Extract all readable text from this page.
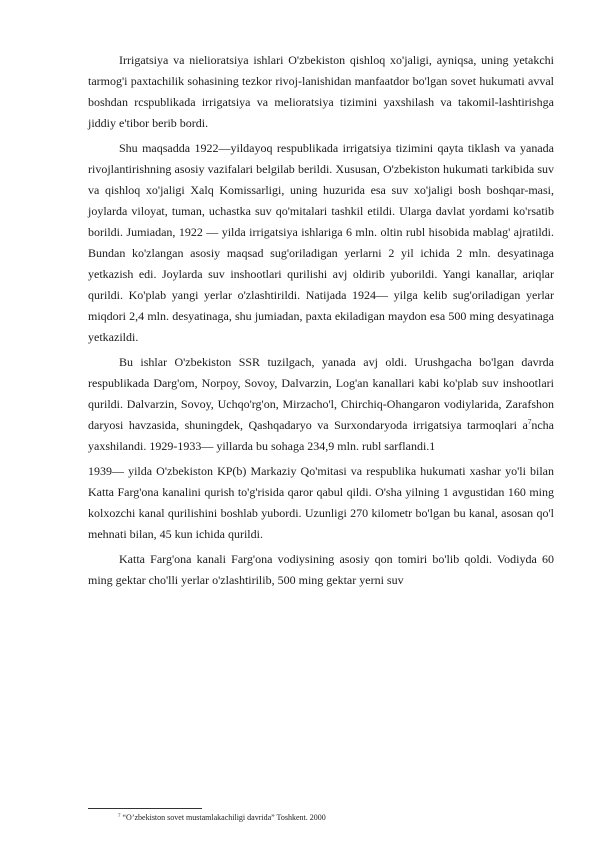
Irrigatsiya va nielioratsiya ishlari O'zbekiston qishloq xo'jaligi, ayniqsa, uning yetakchi tarmog'i paxtachilik sohasining tezkor rivoj-lanishidan manfaatdor bo'lgan sovet hukumati avval boshdan rcspublikada irrigatsiya va melioratsiya tizimini yaxshilash va takomil-lashtirishga jiddiy e'tibor berib bordi.

Shu maqsadda 1922—yildayoq respublikada irrigatsiya tizimini qayta tiklash va yanada rivojlantirishning asosiy vazifalari belgilab berildi. Xususan, O'zbekiston hukumati tarkibida suv va qishloq xo'jaligi Xalq Komissarligi, uning huzurida esa suv xo'jaligi bosh boshqar-masi, joylarda viloyat, tuman, uchastka suv qo'mitalari tashkil etildi. Ularga davlat yordami ko'rsatib borildi. Jumiadan, 1922 — yilda irrigatsiya ishlariga 6 mln. oltin rubl hisobida mablag' ajratildi. Bundan ko'zlangan asosiy maqsad sug'oriladigan yerlarni 2 yil ichida 2 mln. desyatinaga yetkazish edi. Joylarda suv inshootlari qurilishi avj oldirib yuborildi. Yangi kanallar, ariqlar qurildi. Ko'plab yangi yerlar o'zlashtirildi. Natijada 1924— yilga kelib sug'oriladigan yerlar miqdori 2,4 mln. desyatinaga, shu jumiadan, paxta ekiladigan maydon esa 500 ming desyatinaga yetkazildi.

Bu ishlar O'zbekiston SSR tuzilgach, yanada avj oldi. Urushgacha bo'lgan davrda respublikada Darg'om, Norpoy, Sovoy, Dalvarzin, Log'an kanallari kabi ko'plab suv inshootlari qurildi. Dalvarzin, Sovoy, Uchqo'rg'on, Mirzacho'l, Chirchiq-Ohangaron vodiylarida, Zarafshon daryosi havzasida, shuningdek, Qashqadaryo va Surxondaryoda irrigatsiya tarmoqlari $a^7ncha$ yaxshilandi. 1929-1933— yillarda bu sohaga 234,9 mln. rubl sarflandi.1

1939— yilda O'zbekiston KP(b) Markaziy Qo'mitasi va respublika hukumati xashar yo'li bilan Katta Farg'ona kanalini qurish to'g'risida qaror qabul qildi. O'sha yilning 1 avgustidan 160 ming kolxozchi kanal qurilishini boshlab yubordi. Uzunligi 270 kilometr bo'lgan bu kanal, asosan qo'l mehnati bilan, 45 kun ichida qurildi.

Katta Farg'ona kanali Farg'ona vodiysining asosiy qon tomiri bo'lib qoldi. Vodiyda 60 ming gektar cho'lli yerlar o'zlashtirilib, 500 ming gektar yerni suv

$^7$ “O’zbekiston sovet mustamlakachiligi davrida” Toshkent. 2000
